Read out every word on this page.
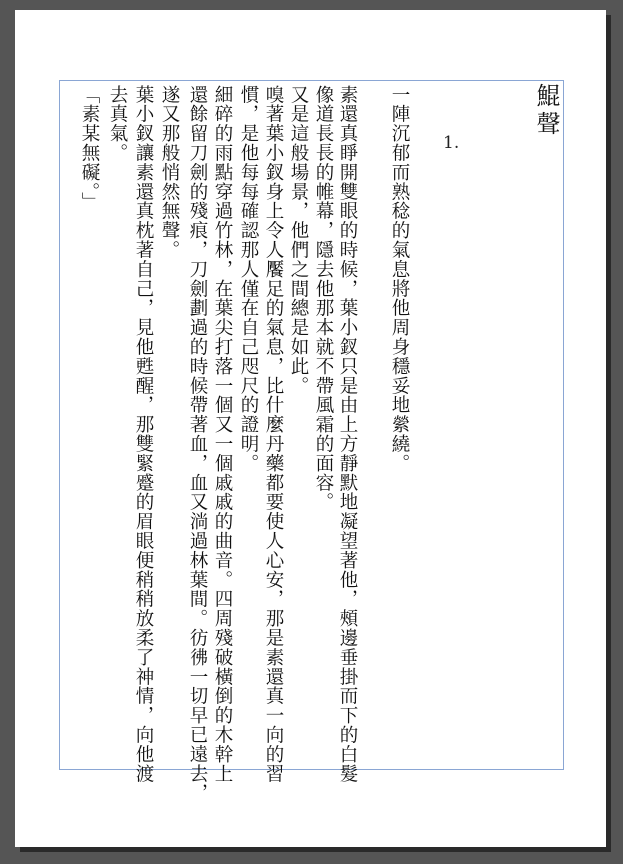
鯤聲
1.
一陣沉郁而熟稔的氣息將他周身穩妥地縈繞。
素還真睜開雙眼的時候，葉小釵只是由上方靜默地凝望著他，頰邊垂掛而下的白髮
像道長長的帷幕，隱去他那本就不帶風霜的面容。
又是這般場景，他們之間總是如此。
嗅著葉小釵身上令人饜足的氣息，比什麼丹藥都要使人心安，那是素還真一向的習
慣，是他每每確認那人僅在自己咫尺的證明。
細碎的雨點穿過竹林，在葉尖打落一個又一個戚戚的曲音。四周殘破橫倒的木幹上
還餘留刀劍的殘痕，刀劍劃過的時候帶著血，血又淌過林葉間。彷彿一切早已遠去，
遂又那般悄然無聲。
葉小釵讓素還真枕著自己，見他甦醒，那雙緊蹙的眉眼便稍稍放柔了神情，向他渡
去真氣。
「素某無礙。」
